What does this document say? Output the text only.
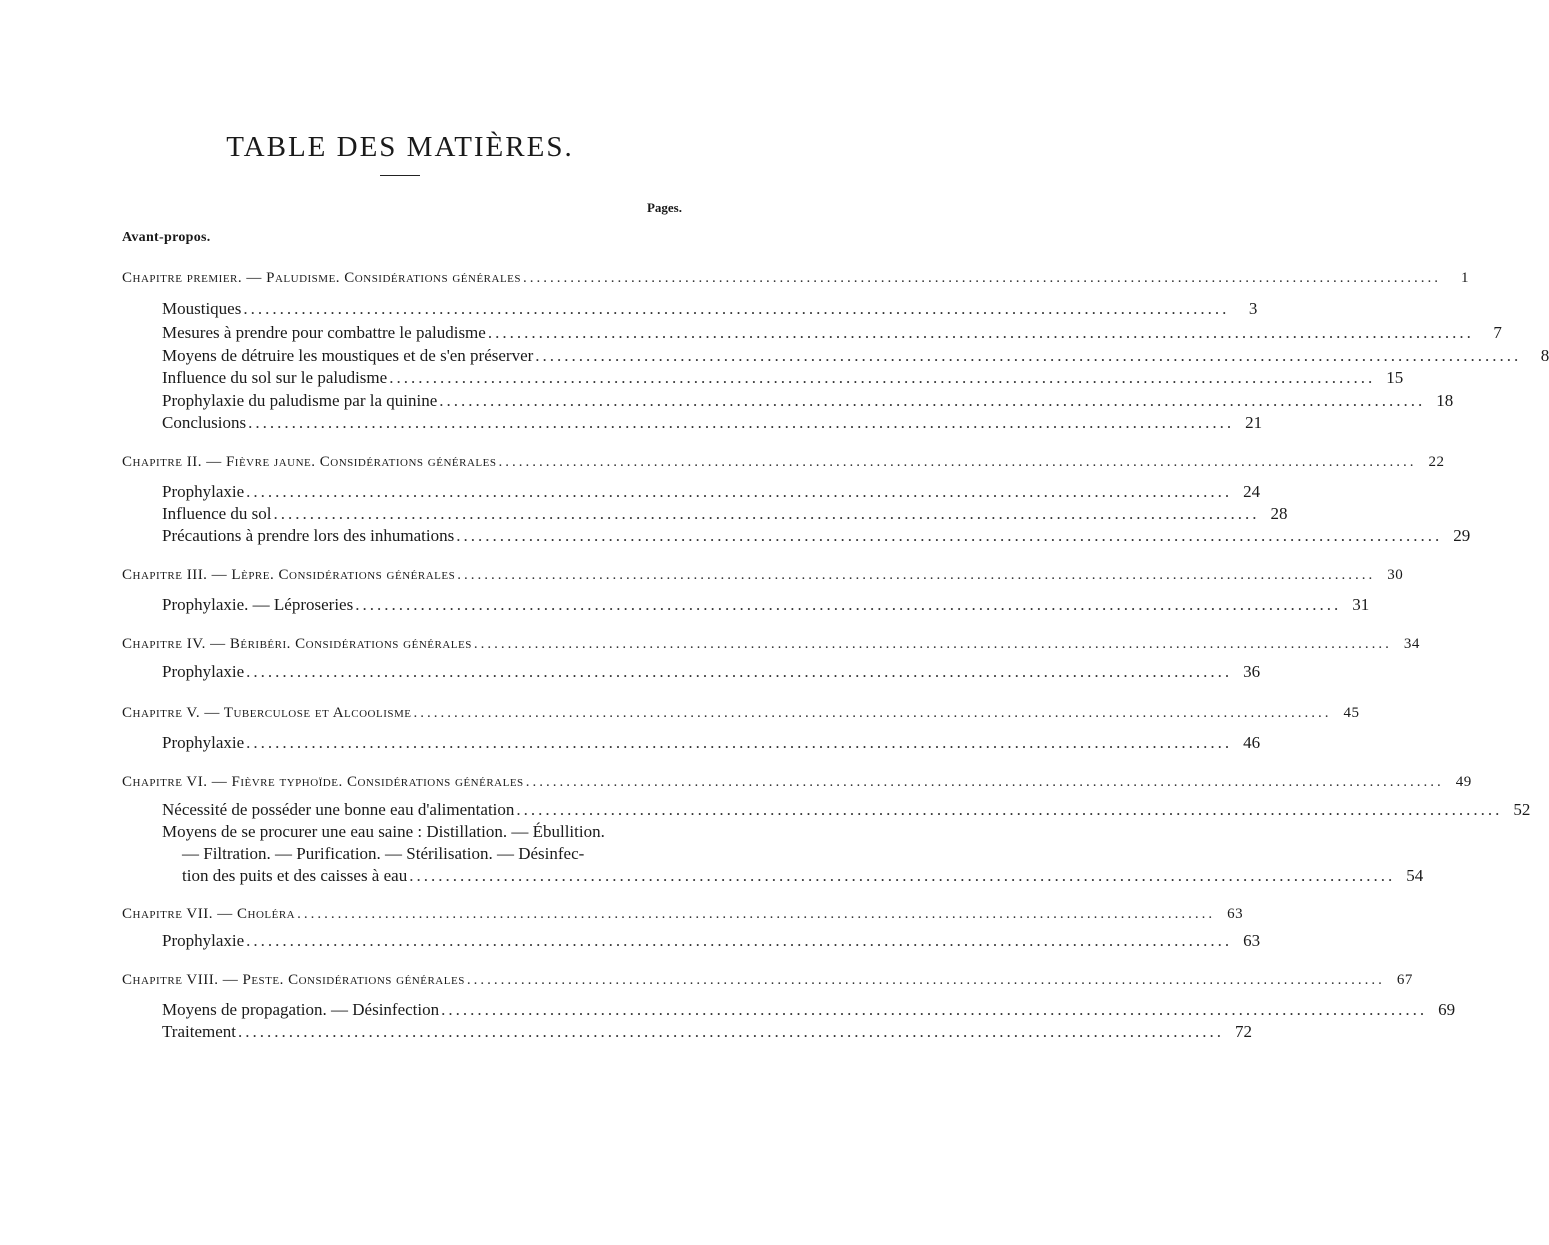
TABLE DES MATIÈRES.
Pages.
Avant-propos.
Chapitre premier. — Paludisme. Considérations générales ........................................................................................................................................	1
Moustiques ........................................................................................................................................	3
Mesures à prendre pour combattre le paludisme ........................................................................................................................................	7
Moyens de détruire les moustiques et de s'en préserver ........................................................................................................................................	8
Influence du sol sur le paludisme ........................................................................................................................................ 15
Prophylaxie du paludisme par la quinine ........................................................................................................................................ 18
Conclusions ........................................................................................................................................ 21
Chapitre II. — Fièvre jaune. Considérations générales ........................................................................................................................................ 22
Prophylaxie ........................................................................................................................................ 24
Influence du sol ........................................................................................................................................ 28
Précautions à prendre lors des inhumations ........................................................................................................................................ 29
Chapitre III. — Lèpre. Considérations générales ........................................................................................................................................ 30
Prophylaxie. — Léproseries ........................................................................................................................................ 31
Chapitre IV. — Béribéri. Considérations générales ........................................................................................................................................ 34
Prophylaxie ........................................................................................................................................ 36
Chapitre V. — Tuberculose et Alcoolisme ........................................................................................................................................ 45
Prophylaxie ........................................................................................................................................ 46
Chapitre VI. — Fièvre typhoïde. Considérations générales ........................................................................................................................................ 49
Nécessité de posséder une bonne eau d'alimentation ........................................................................................................................................ 52
Moyens de se procurer une eau saine : Distillation. — Ébullition.
— Filtration. — Purification. — Stérilisation. — Désinfec-
tion des puits et des caisses à eau ........................................................................................................................................ 54
Chapitre VII. — Choléra ........................................................................................................................................ 63
Prophylaxie ........................................................................................................................................ 63
Chapitre VIII. — Peste. Considérations générales ........................................................................................................................................ 67
Moyens de propagation. — Désinfection ........................................................................................................................................ 69
Traitement ........................................................................................................................................ 72
